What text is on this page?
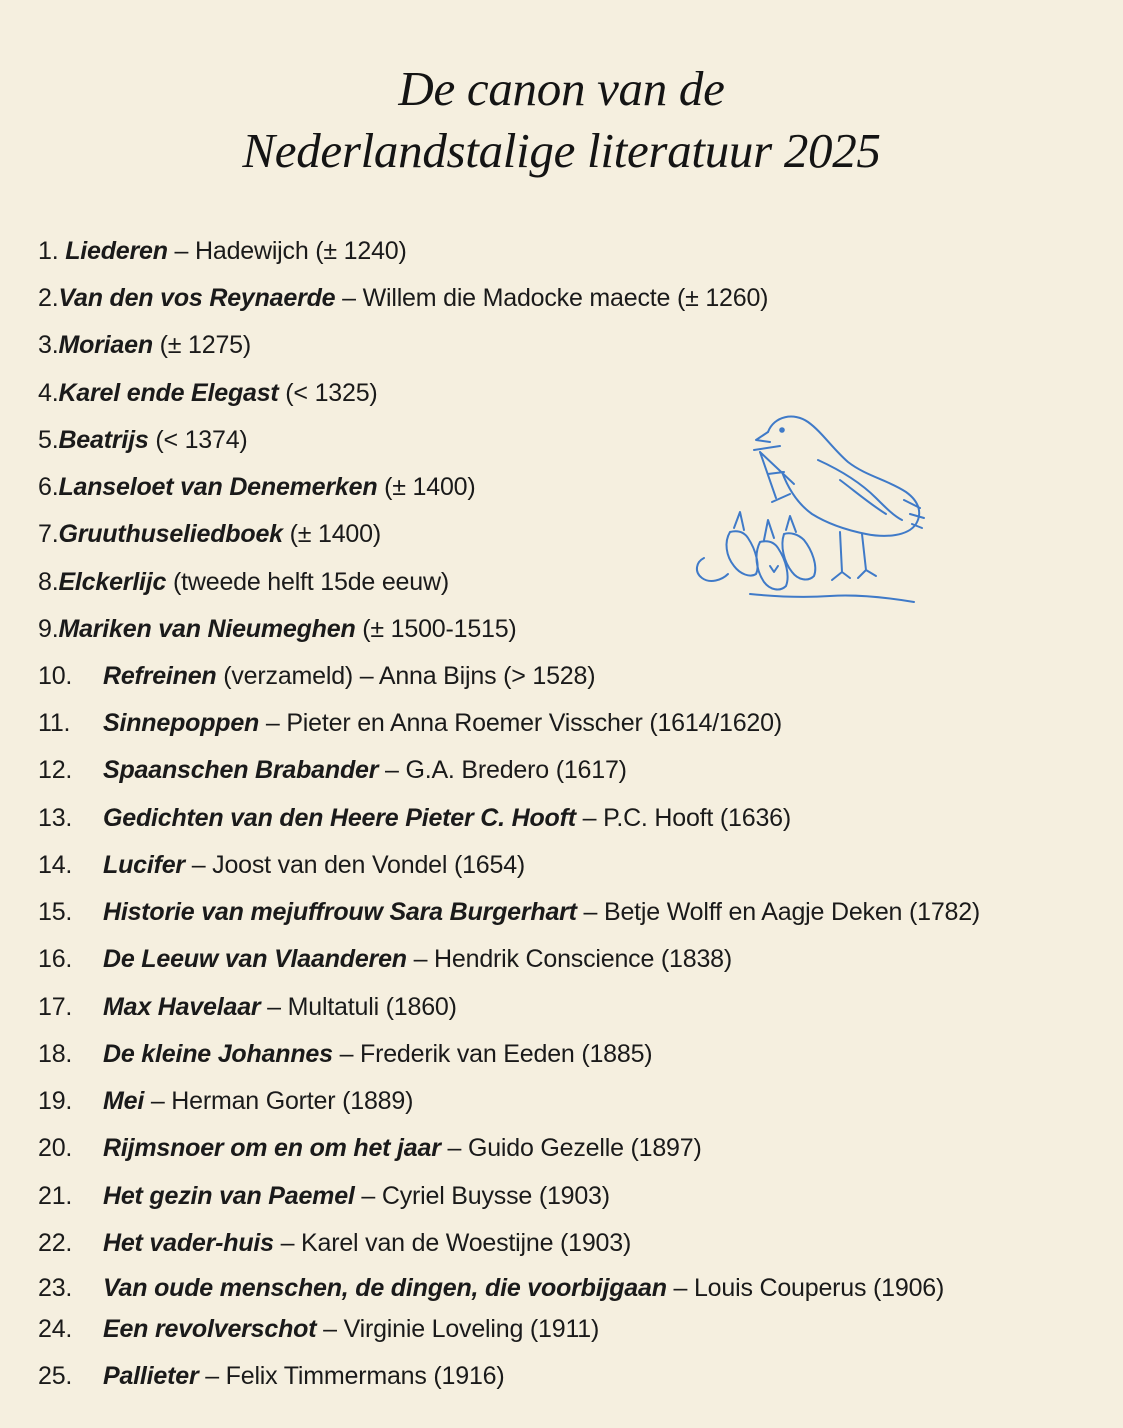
De canon van de
Nederlandstalige literatuur 2025
1. Liederen – Hadewijch (± 1240)
2.Van den vos Reynaerde – Willem die Madocke maecte (± 1260)
3.Moriaen (± 1275)
4.Karel ende Elegast (< 1325)
5.Beatrijs (< 1374)
6.Lanseloet van Denemerken (± 1400)
7.Gruuthuseliedboek (± 1400)
8.Elckerlijc (tweede helft 15de eeuw)
9.Mariken van Nieumeghen (± 1500-1515)
10. Refreinen (verzameld) – Anna Bijns (> 1528)
11. Sinnepoppen – Pieter en Anna Roemer Visscher (1614/1620)
12. Spaanschen Brabander – G.A. Bredero (1617)
13. Gedichten van den Heere Pieter C. Hooft – P.C. Hooft (1636)
14. Lucifer – Joost van den Vondel (1654)
15. Historie van mejuffrouw Sara Burgerhart – Betje Wolff en Aagje Deken (1782)
16. De Leeuw van Vlaanderen – Hendrik Conscience (1838)
17. Max Havelaar – Multatuli (1860)
18. De kleine Johannes – Frederik van Eeden (1885)
19. Mei – Herman Gorter (1889)
20. Rijmsnoer om en om het jaar – Guido Gezelle (1897)
21. Het gezin van Paemel – Cyriel Buysse (1903)
22. Het vader-huis – Karel van de Woestijne (1903)
23. Van oude menschen, de dingen, die voorbijgaan – Louis Couperus (1906)
24. Een revolverschot – Virginie Loveling (1911)
25. Pallieter – Felix Timmermans (1916)
